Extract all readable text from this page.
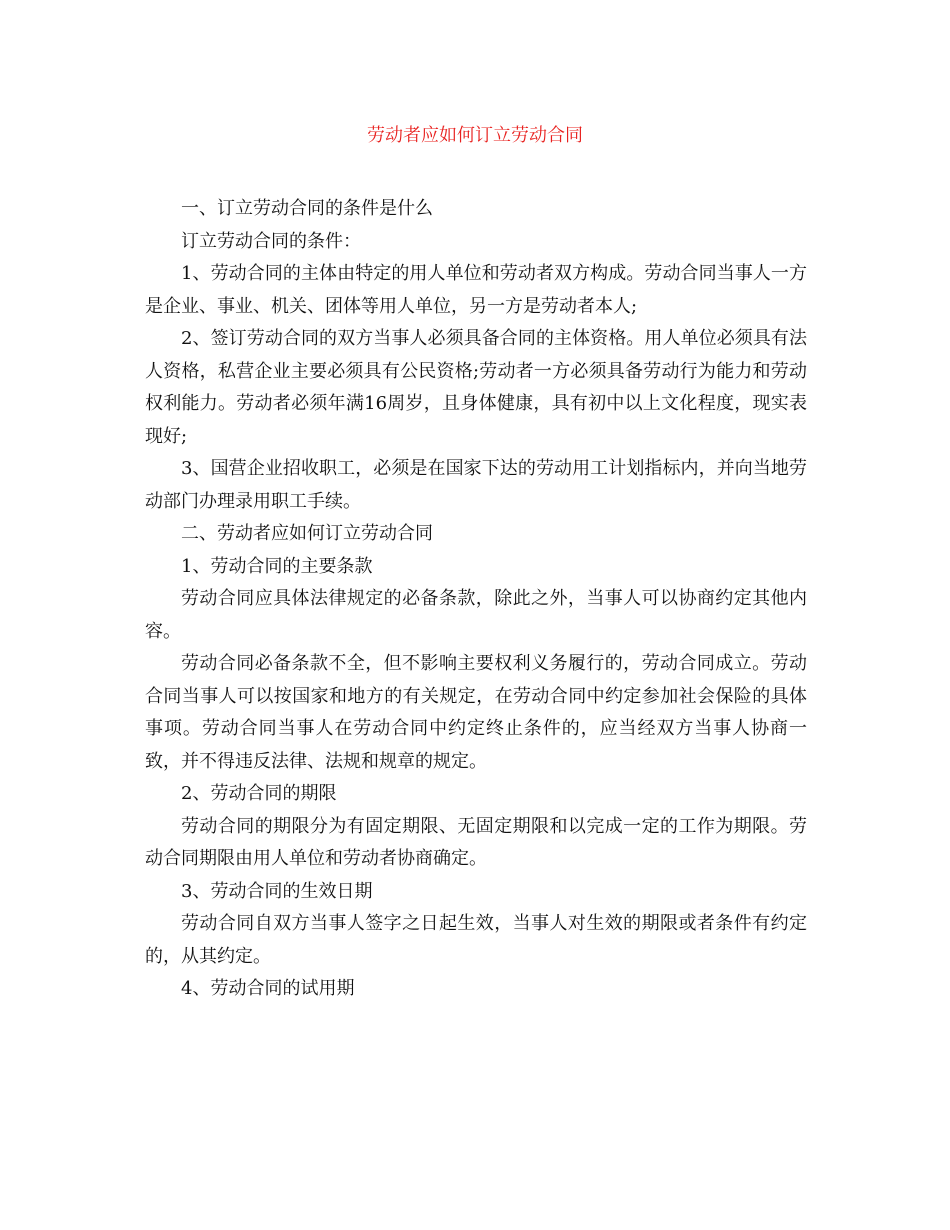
劳动者应如何订立劳动合同

一、订立劳动合同的条件是什么

订立劳动合同的条件：

1、劳动合同的主体由特定的用人单位和劳动者双方构成。劳动合同当事人一方是企业、事业、机关、团体等用人单位，另一方是劳动者本人;

2、签订劳动合同的双方当事人必须具备合同的主体资格。用人单位必须具有法人资格，私营企业主要必须具有公民资格;劳动者一方必须具备劳动行为能力和劳动权利能力。劳动者必须年满16周岁，且身体健康，具有初中以上文化程度，现实表现好;

3、国营企业招收职工，必须是在国家下达的劳动用工计划指标内，并向当地劳动部门办理录用职工手续。

二、劳动者应如何订立劳动合同

1、劳动合同的主要条款

劳动合同应具体法律规定的必备条款，除此之外，当事人可以协商约定其他内容。

劳动合同必备条款不全，但不影响主要权利义务履行的，劳动合同成立。劳动合同当事人可以按国家和地方的有关规定，在劳动合同中约定参加社会保险的具体事项。劳动合同当事人在劳动合同中约定终止条件的，应当经双方当事人协商一致，并不得违反法律、法规和规章的规定。

2、劳动合同的期限

劳动合同的期限分为有固定期限、无固定期限和以完成一定的工作为期限。劳动合同期限由用人单位和劳动者协商确定。

3、劳动合同的生效日期

劳动合同自双方当事人签字之日起生效，当事人对生效的期限或者条件有约定的，从其约定。

4、劳动合同的试用期
